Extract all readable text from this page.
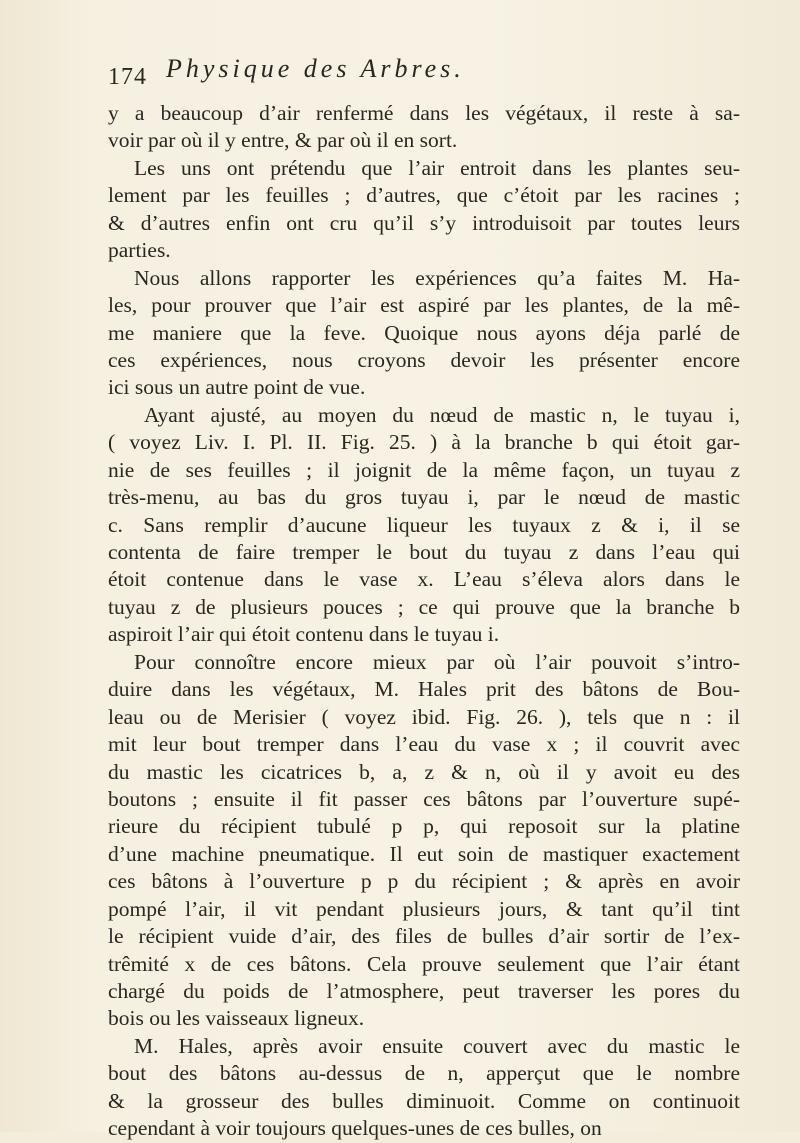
174 Physique des Arbres.
y a beaucoup d’air renfermé dans les végétaux, il reste à sa-
voir par où il y entre, & par où il en sort.
Les uns ont prétendu que l’air entroit dans les plantes seu-
lement par les feuilles ; d’autres, que c’étoit par les racines ;
& d’autres enfin ont cru qu’il s’y introduisoit par toutes leurs
parties.
Nous allons rapporter les expériences qu’a faites M. Ha-
les, pour prouver que l’air est aspiré par les plantes, de la mê-
me maniere que la feve. Quoique nous ayons déja parlé de
ces expériences, nous croyons devoir les présenter encore
ici sous un autre point de vue.
Ayant ajusté, au moyen du nœud de mastic n, le tuyau i,
( voyez Liv. I. Pl. II. Fig. 25. ) à la branche b qui étoit gar-
nie de ses feuilles ; il joignit de la même façon, un tuyau z
très-menu, au bas du gros tuyau i, par le nœud de mastic
c. Sans remplir d’aucune liqueur les tuyaux z & i, il se
contenta de faire tremper le bout du tuyau z dans l’eau qui
étoit contenue dans le vase x. L’eau s’éleva alors dans le
tuyau z de plusieurs pouces ; ce qui prouve que la branche b
aspiroit l’air qui étoit contenu dans le tuyau i.
Pour connoître encore mieux par où l’air pouvoit s’intro-
duire dans les végétaux, M. Hales prit des bâtons de Bou-
leau ou de Merisier ( voyez ibid. Fig. 26. ), tels que n : il
mit leur bout tremper dans l’eau du vase x ; il couvrit avec
du mastic les cicatrices b, a, z & n, où il y avoit eu des
boutons ; ensuite il fit passer ces bâtons par l’ouverture supé-
rieure du récipient tubulé p p, qui reposoit sur la platine
d’une machine pneumatique. Il eut soin de mastiquer exactement
ces bâtons à l’ouverture p p du récipient ; & après en avoir
pompé l’air, il vit pendant plusieurs jours, & tant qu’il tint
le récipient vuide d’air, des files de bulles d’air sortir de l’ex-
trêmité x de ces bâtons. Cela prouve seulement que l’air étant
chargé du poids de l’atmosphere, peut traverser les pores du
bois ou les vaisseaux ligneux.
M. Hales, après avoir ensuite couvert avec du mastic le
bout des bâtons au-dessus de n, apperçut que le nombre
& la grosseur des bulles diminuoit. Comme on continuoit
cependant à voir toujours quelques-unes de ces bulles, on
